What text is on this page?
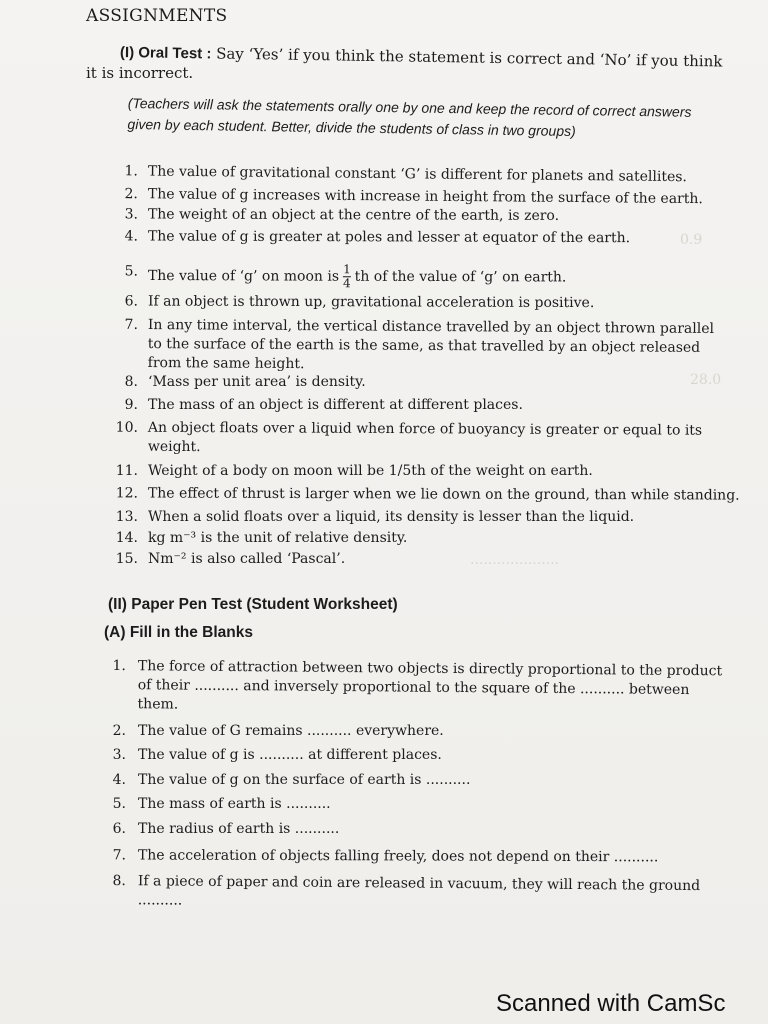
0.9
28.0
....................
ASSIGNMENTS
(I) Oral Test : Say ‘Yes’ if you think the statement is correct and ‘No’ if you think
it is incorrect.
(Teachers will ask the statements orally one by one and keep the record of correct answers given by each student. Better, divide the students of class in two groups)
1. The value of gravitational constant ‘G’ is different for planets and satellites.
2. The value of g increases with increase in height from the surface of the earth.
3. The weight of an object at the centre of the earth, is zero.
4. The value of g is greater at poles and lesser at equator of the earth.
5. The value of ‘g’ on moon is $\frac{1}{4}$ th of the value of ‘g’ on earth.
6. If an object is thrown up, gravitational acceleration is positive.
7. In any time interval, the vertical distance travelled by an object thrown parallel
to the surface of the earth is the same, as that travelled by an object released
from the same height.
8. ‘Mass per unit area’ is density.
9. The mass of an object is different at different places.
10. An object floats over a liquid when force of buoyancy is greater or equal to its
weight.
11. Weight of a body on moon will be 1/5th of the weight on earth.
12. The effect of thrust is larger when we lie down on the ground, than while standing.
13. When a solid floats over a liquid, its density is lesser than the liquid.
14. kg m⁻³ is the unit of relative density.
15. Nm⁻² is also called ‘Pascal’.
(II) Paper Pen Test (Student Worksheet)
(A) Fill in the Blanks
1. The force of attraction between two objects is directly proportional to the product
of their .......... and inversely proportional to the square of the .......... between
them.
2. The value of G remains .......... everywhere.
3. The value of g is .......... at different places.
4. The value of g on the surface of earth is ..........
5. The mass of earth is ..........
6. The radius of earth is ..........
7. The acceleration of objects falling freely, does not depend on their ..........
8. If a piece of paper and coin are released in vacuum, they will reach the ground
..........
Scanned with CamSc
